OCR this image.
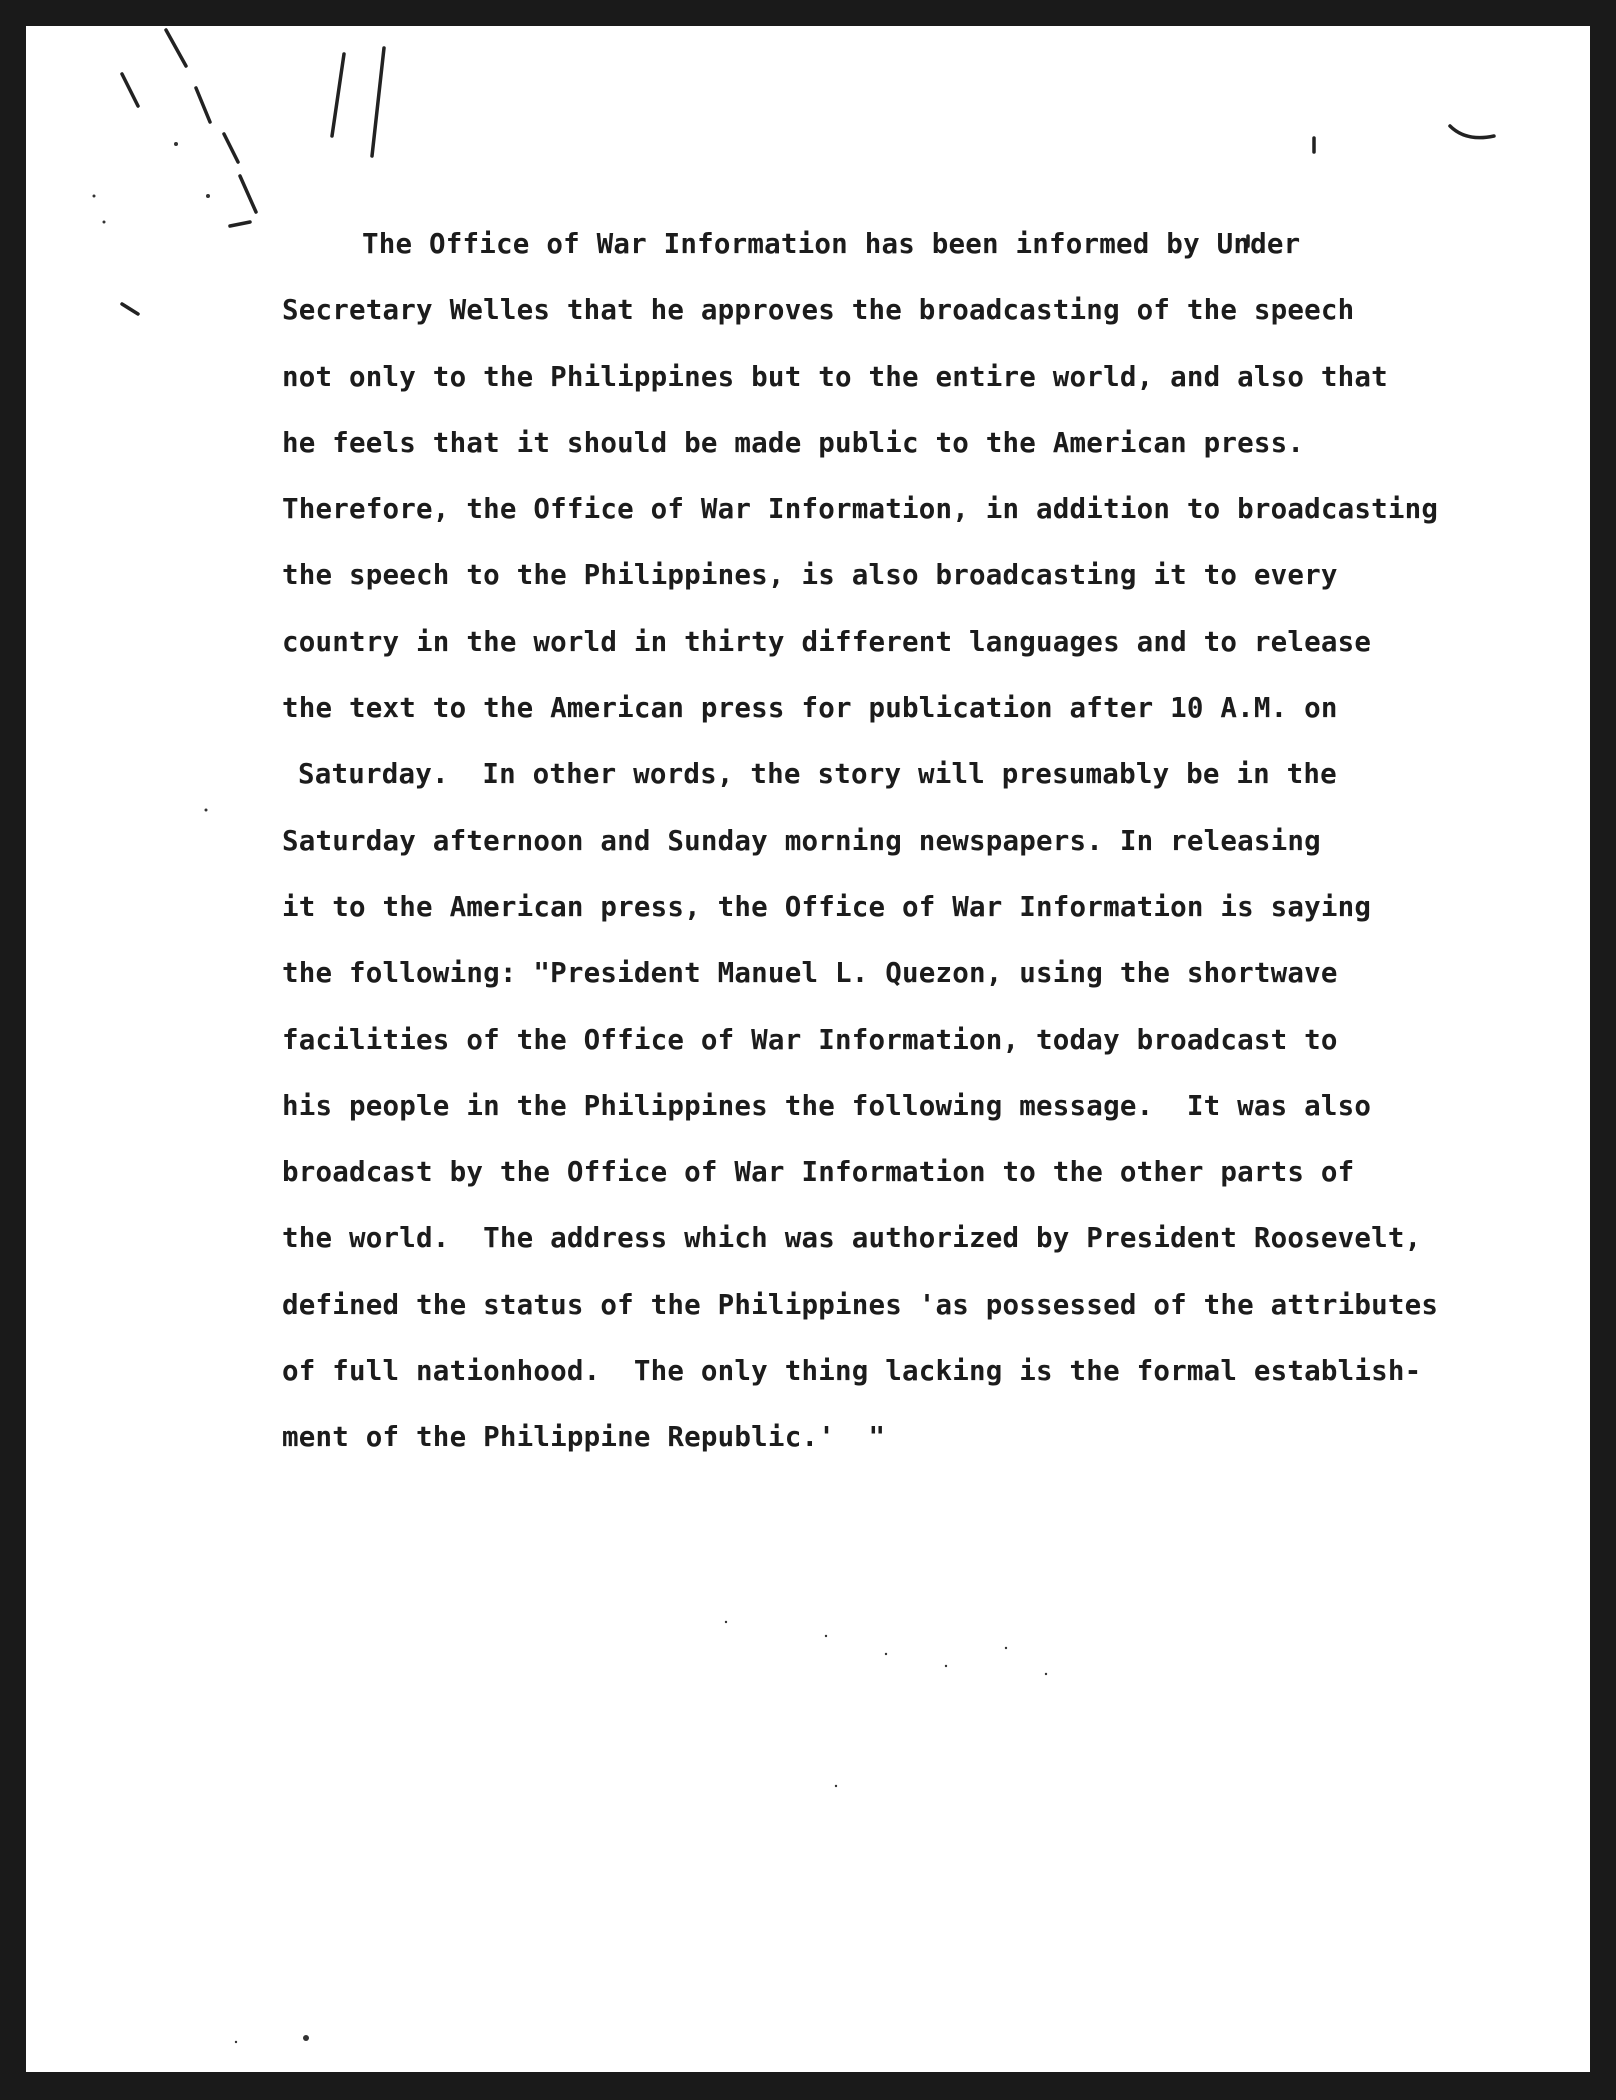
The Office of War Information has been informed by Under
Secretary Welles that he approves the broadcasting of the speech
not only to the Philippines but to the entire world, and also that
he feels that it should be made public to the American press.
Therefore, the Office of War Information, in addition to broadcasting
the speech to the Philippines, is also broadcasting it to every
country in the world in thirty different languages and to release
the text to the American press for publication after 10 A.M. on
Saturday.  In other words, the story will presumably be in the
Saturday afternoon and Sunday morning newspapers. In releasing
it to the American press, the Office of War Information is saying
the following: "President Manuel L. Quezon, using the shortwave
facilities of the Office of War Information, today broadcast to
his people in the Philippines the following message.  It was also
broadcast by the Office of War Information to the other parts of
the world.  The address which was authorized by President Roosevelt,
defined the status of the Philippines 'as possessed of the attributes
of full nationhood.  The only thing lacking is the formal establish-
ment of the Philippine Republic.'  "
